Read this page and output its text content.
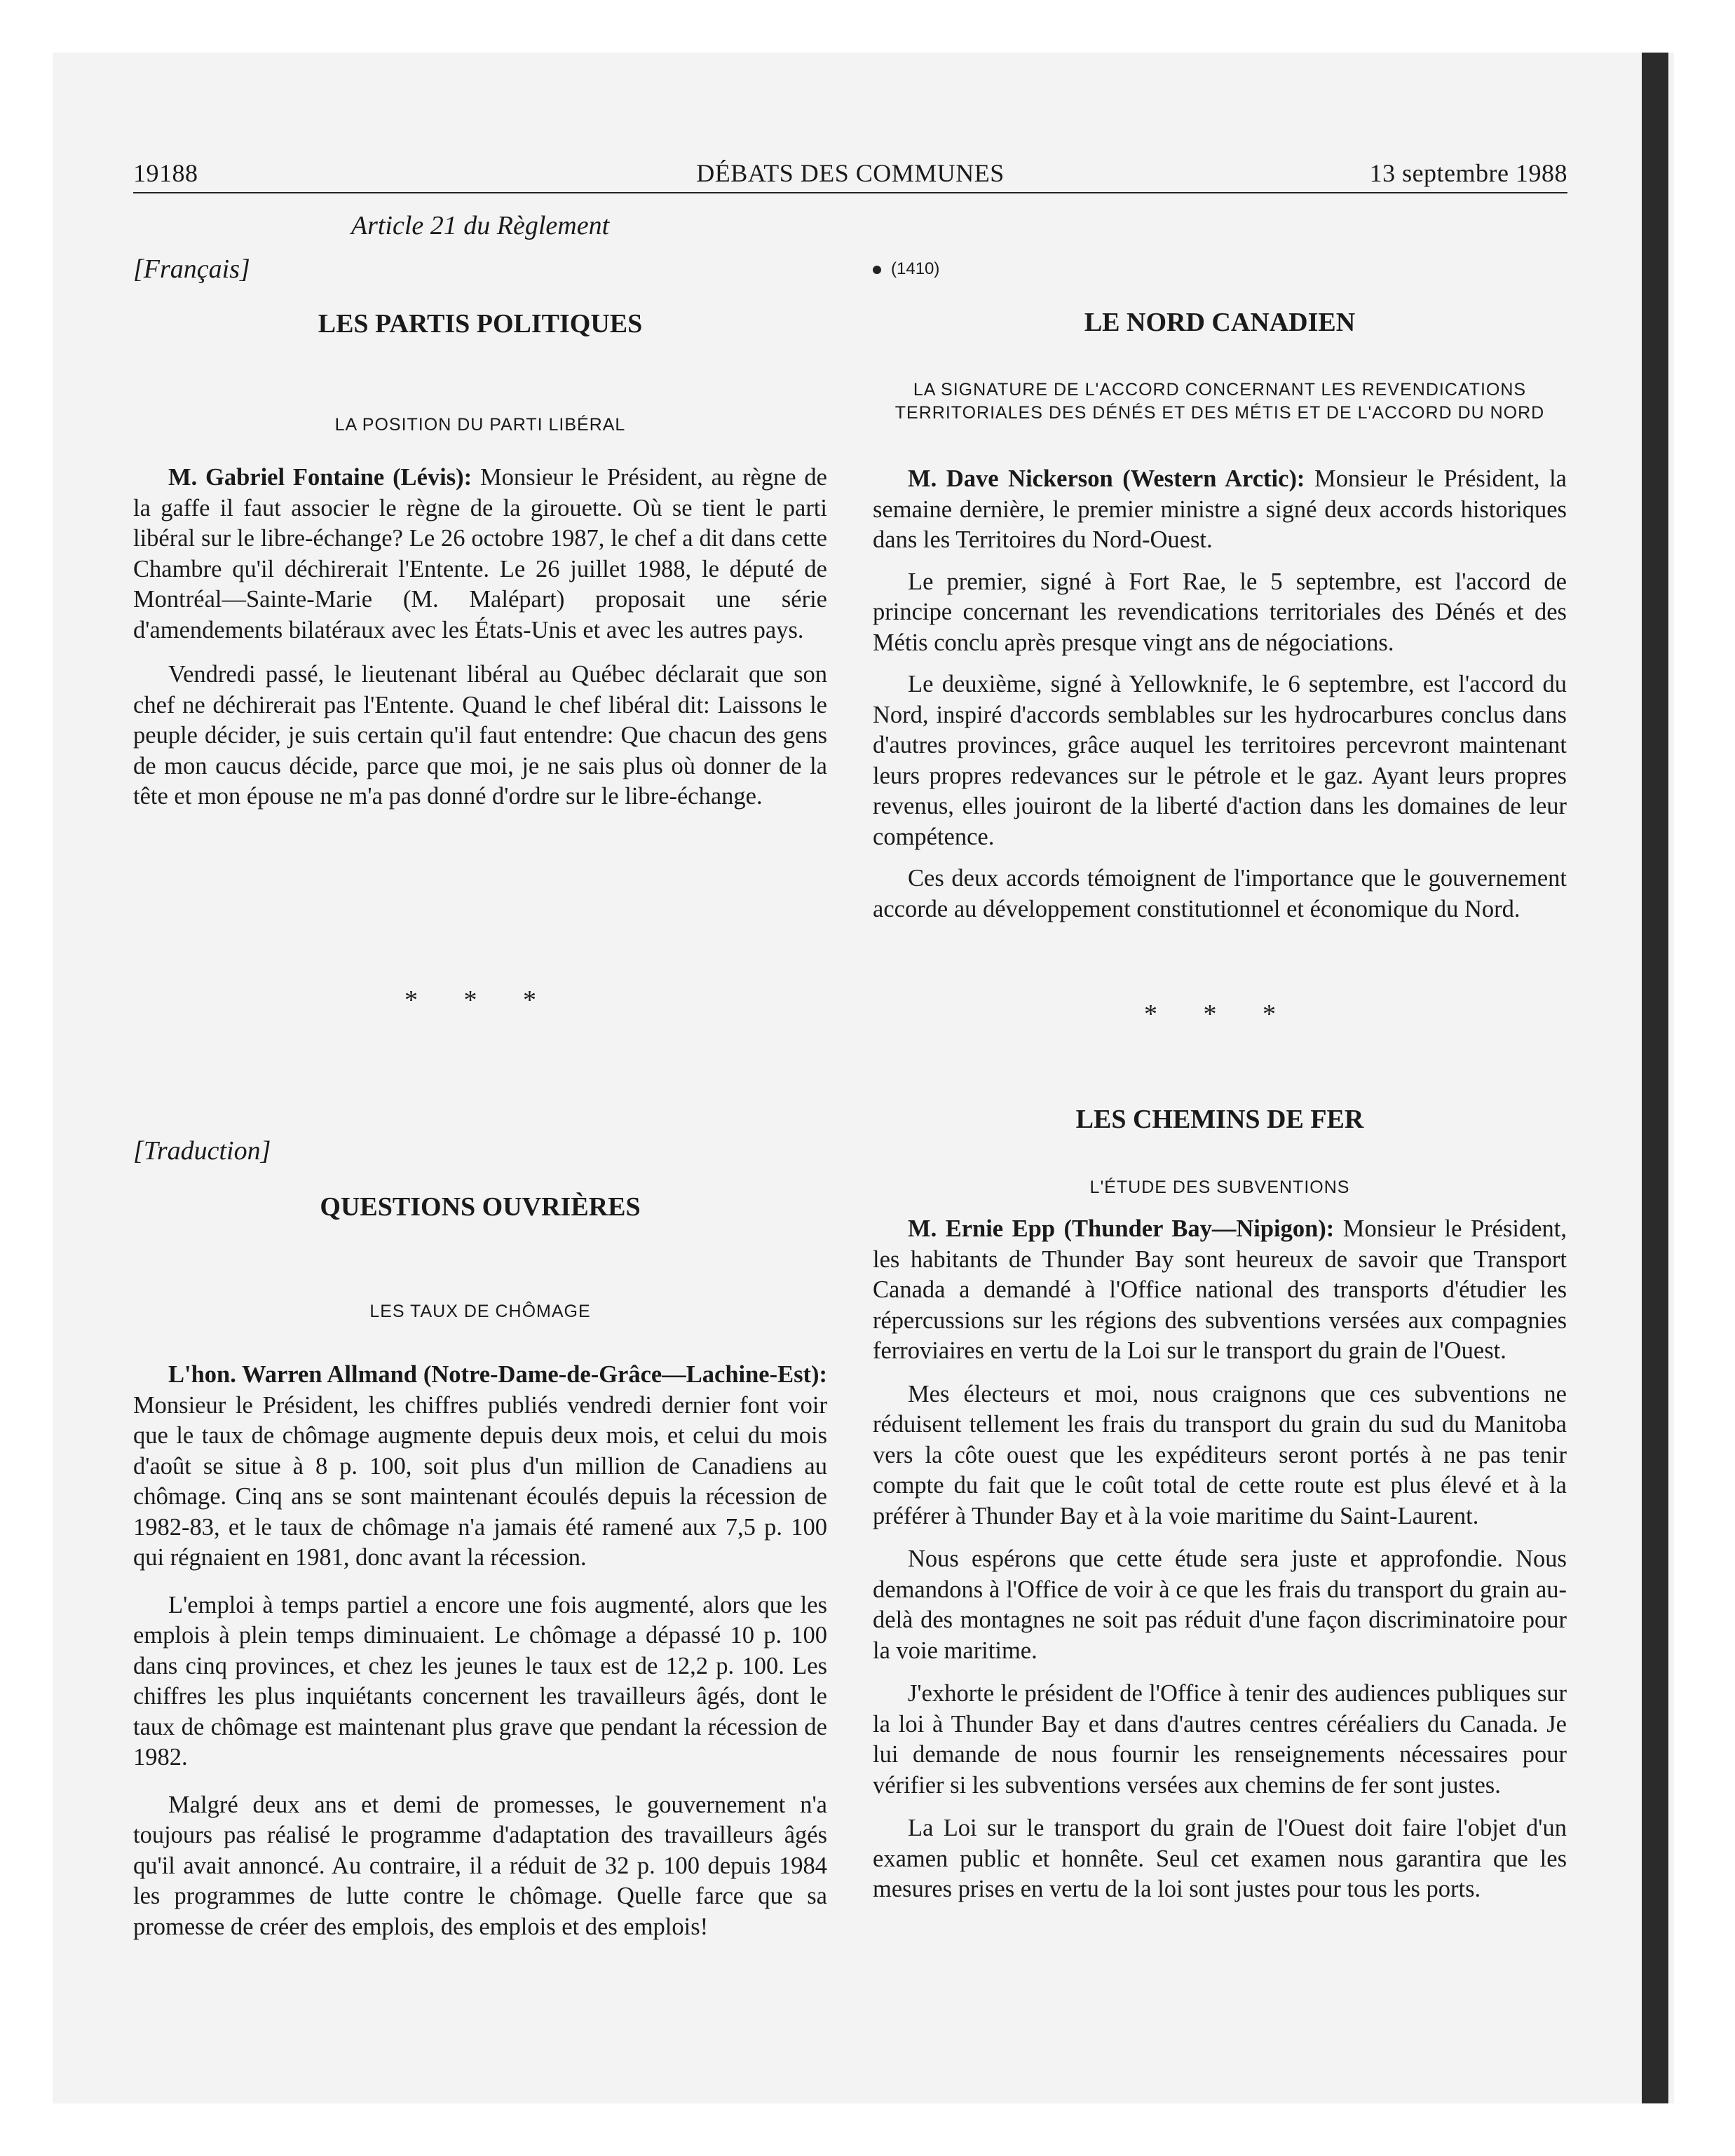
19188	DÉBATS DES COMMUNES	13 septembre 1988
Article 21 du Règlement
[Français]
LES PARTIS POLITIQUES
LA POSITION DU PARTI LIBÉRAL

M. Gabriel Fontaine (Lévis): Monsieur le Président, au règne de la gaffe il faut associer le règne de la girouette. Où se tient le parti libéral sur le libre-échange? Le 26 octobre 1987, le chef a dit dans cette Chambre qu'il déchirerait l'Entente. Le 26 juillet 1988, le député de Montréal—Sainte-Marie (M. Malépart) proposait une série d'amendements bilatéraux avec les États-Unis et avec les autres pays.

Vendredi passé, le lieutenant libéral au Québec déclarait que son chef ne déchirerait pas l'Entente. Quand le chef libéral dit: Laissons le peuple décider, je suis certain qu'il faut entendre: Que chacun des gens de mon caucus décide, parce que moi, je ne sais plus où donner de la tête et mon épouse ne m'a pas donné d'ordre sur le libre-échange.

* * *
[Traduction]
QUESTIONS OUVRIÈRES
LES TAUX DE CHÔMAGE

L'hon. Warren Allmand (Notre-Dame-de-Grâce—Lachine-Est): Monsieur le Président, les chiffres publiés vendredi dernier font voir que le taux de chômage augmente depuis deux mois, et celui du mois d'août se situe à 8 p. 100, soit plus d'un million de Canadiens au chômage. Cinq ans se sont maintenant écoulés depuis la récession de 1982-83, et le taux de chômage n'a jamais été ramené aux 7,5 p. 100 qui régnaient en 1981, donc avant la récession.

L'emploi à temps partiel a encore une fois augmenté, alors que les emplois à plein temps diminuaient. Le chômage a dépassé 10 p. 100 dans cinq provinces, et chez les jeunes le taux est de 12,2 p. 100. Les chiffres les plus inquiétants concernent les travailleurs âgés, dont le taux de chômage est maintenant plus grave que pendant la récession de 1982.

Malgré deux ans et demi de promesses, le gouvernement n'a toujours pas réalisé le programme d'adaptation des travailleurs âgés qu'il avait annoncé. Au contraire, il a réduit de 32 p. 100 depuis 1984 les programmes de lutte contre le chômage. Quelle farce que sa promesse de créer des emplois, des emplois et des emplois!

(1410)
LE NORD CANADIEN
LA SIGNATURE DE L'ACCORD CONCERNANT LES REVENDICATIONS TERRITORIALES DES DÉNÉS ET DES MÉTIS ET DE L'ACCORD DU NORD

M. Dave Nickerson (Western Arctic): Monsieur le Président, la semaine dernière, le premier ministre a signé deux accords historiques dans les Territoires du Nord-Ouest.

Le premier, signé à Fort Rae, le 5 septembre, est l'accord de principe concernant les revendications territoriales des Dénés et des Métis conclu après presque vingt ans de négociations.

Le deuxième, signé à Yellowknife, le 6 septembre, est l'accord du Nord, inspiré d'accords semblables sur les hydrocarbures conclus dans d'autres provinces, grâce auquel les territoires percevront maintenant leurs propres redevances sur le pétrole et le gaz. Ayant leurs propres revenus, elles jouiront de la liberté d'action dans les domaines de leur compétence.

Ces deux accords témoignent de l'importance que le gouvernement accorde au développement constitutionnel et économique du Nord.

* * *
LES CHEMINS DE FER
L'ÉTUDE DES SUBVENTIONS

M. Ernie Epp (Thunder Bay—Nipigon): Monsieur le Président, les habitants de Thunder Bay sont heureux de savoir que Transport Canada a demandé à l'Office national des transports d'étudier les répercussions sur les régions des subventions versées aux compagnies ferroviaires en vertu de la Loi sur le transport du grain de l'Ouest.

Mes électeurs et moi, nous craignons que ces subventions ne réduisent tellement les frais du transport du grain du sud du Manitoba vers la côte ouest que les expéditeurs seront portés à ne pas tenir compte du fait que le coût total de cette route est plus élevé et à la préférer à Thunder Bay et à la voie maritime du Saint-Laurent.

Nous espérons que cette étude sera juste et approfondie. Nous demandons à l'Office de voir à ce que les frais du transport du grain au-delà des montagnes ne soit pas réduit d'une façon discriminatoire pour la voie maritime.

J'exhorte le président de l'Office à tenir des audiences publiques sur la loi à Thunder Bay et dans d'autres centres céréaliers du Canada. Je lui demande de nous fournir les renseignements nécessaires pour vérifier si les subventions versées aux chemins de fer sont justes.

La Loi sur le transport du grain de l'Ouest doit faire l'objet d'un examen public et honnête. Seul cet examen nous garantira que les mesures prises en vertu de la loi sont justes pour tous les ports.
